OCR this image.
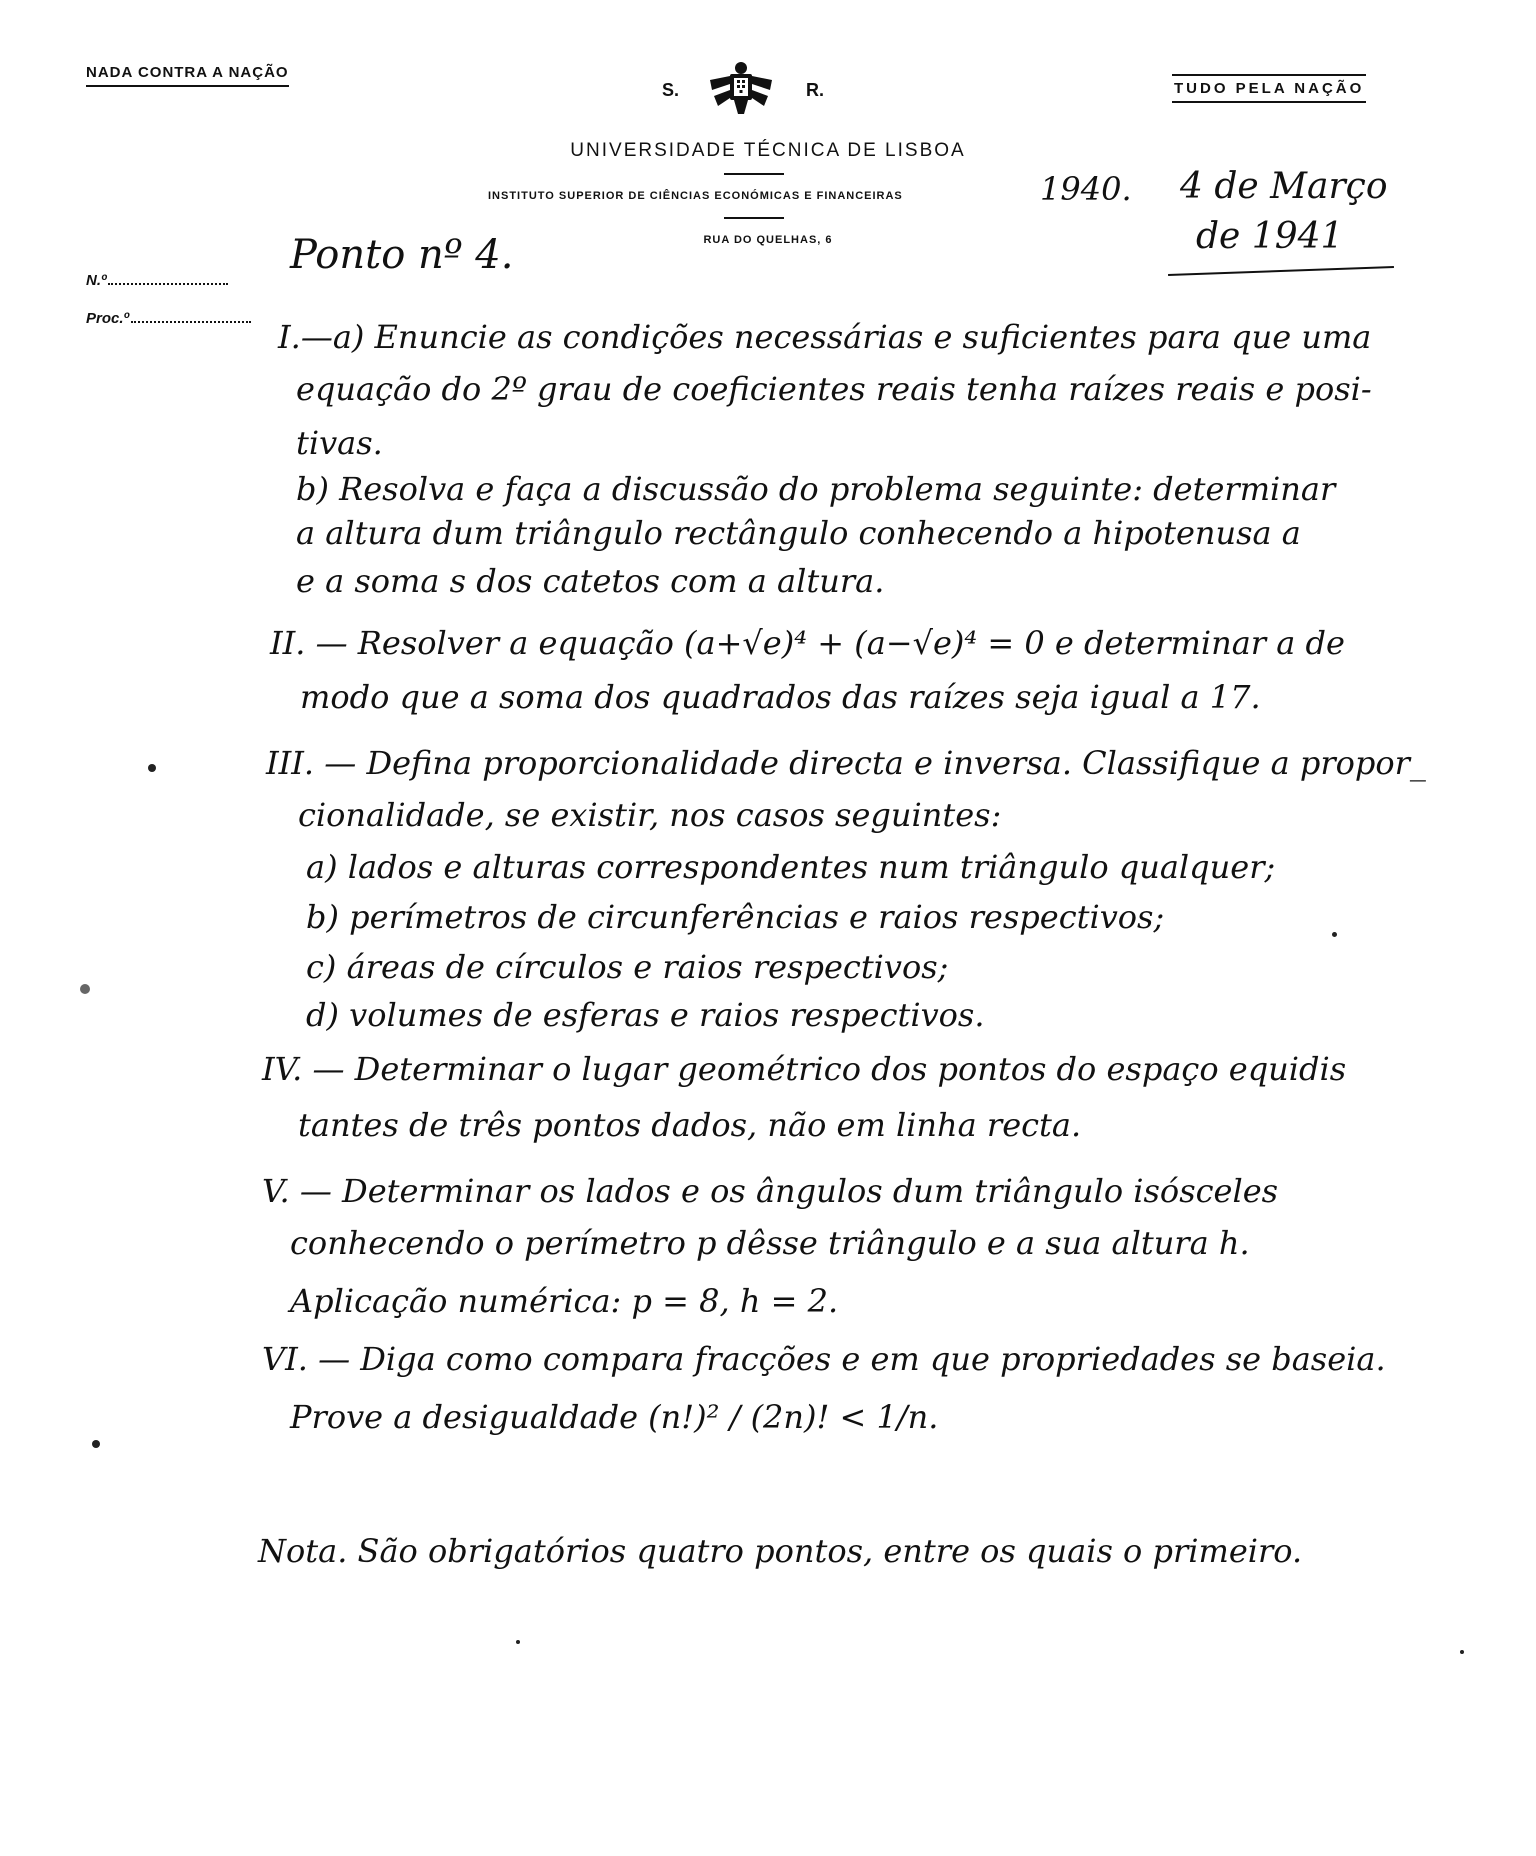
NADA CONTRA A NAÇÃO
TUDO PELA NAÇÃO
S.	R.
UNIVERSIDADE TÉCNICA DE LISBOA
INSTITUTO SUPERIOR DE CIÊNCIAS ECONÓMICAS E FINANCEIRAS
RUA DO QUELHAS, 6
N.º
Proc.º
1940. 4 de Março
de 1941
Ponto nº 4.
I.—a) Enuncie as condições necessárias e suficientes para que uma
equação do 2º grau de coeficientes reais tenha raízes reais e posi-
tivas.
b) Resolva e faça a discussão do problema seguinte: determinar
a altura dum triângulo rectângulo conhecendo a hipotenusa a
e a soma s dos catetos com a altura.
II. — Resolver a equação (a+√e)⁴ + (a−√e)⁴ = 0 e determinar a de
modo que a soma dos quadrados das raízes seja igual a 17.
III. — Defina proporcionalidade directa e inversa. Classifique a propor_
cionalidade, se existir, nos casos seguintes:
a) lados e alturas correspondentes num triângulo qualquer;
b) perímetros de circunferências e raios respectivos;
c) áreas de círculos e raios respectivos;
d) volumes de esferas e raios respectivos.
IV. — Determinar o lugar geométrico dos pontos do espaço equidis
tantes de três pontos dados, não em linha recta.
V. — Determinar os lados e os ângulos dum triângulo isósceles
conhecendo o perímetro p dêsse triângulo e a sua altura h.
Aplicação numérica: p = 8, h = 2.
VI. — Diga como compara fracções e em que propriedades se baseia.
Prove a desigualdade (n!)² / (2n)! < 1/n.
Nota. São obrigatórios quatro pontos, entre os quais o primeiro.
